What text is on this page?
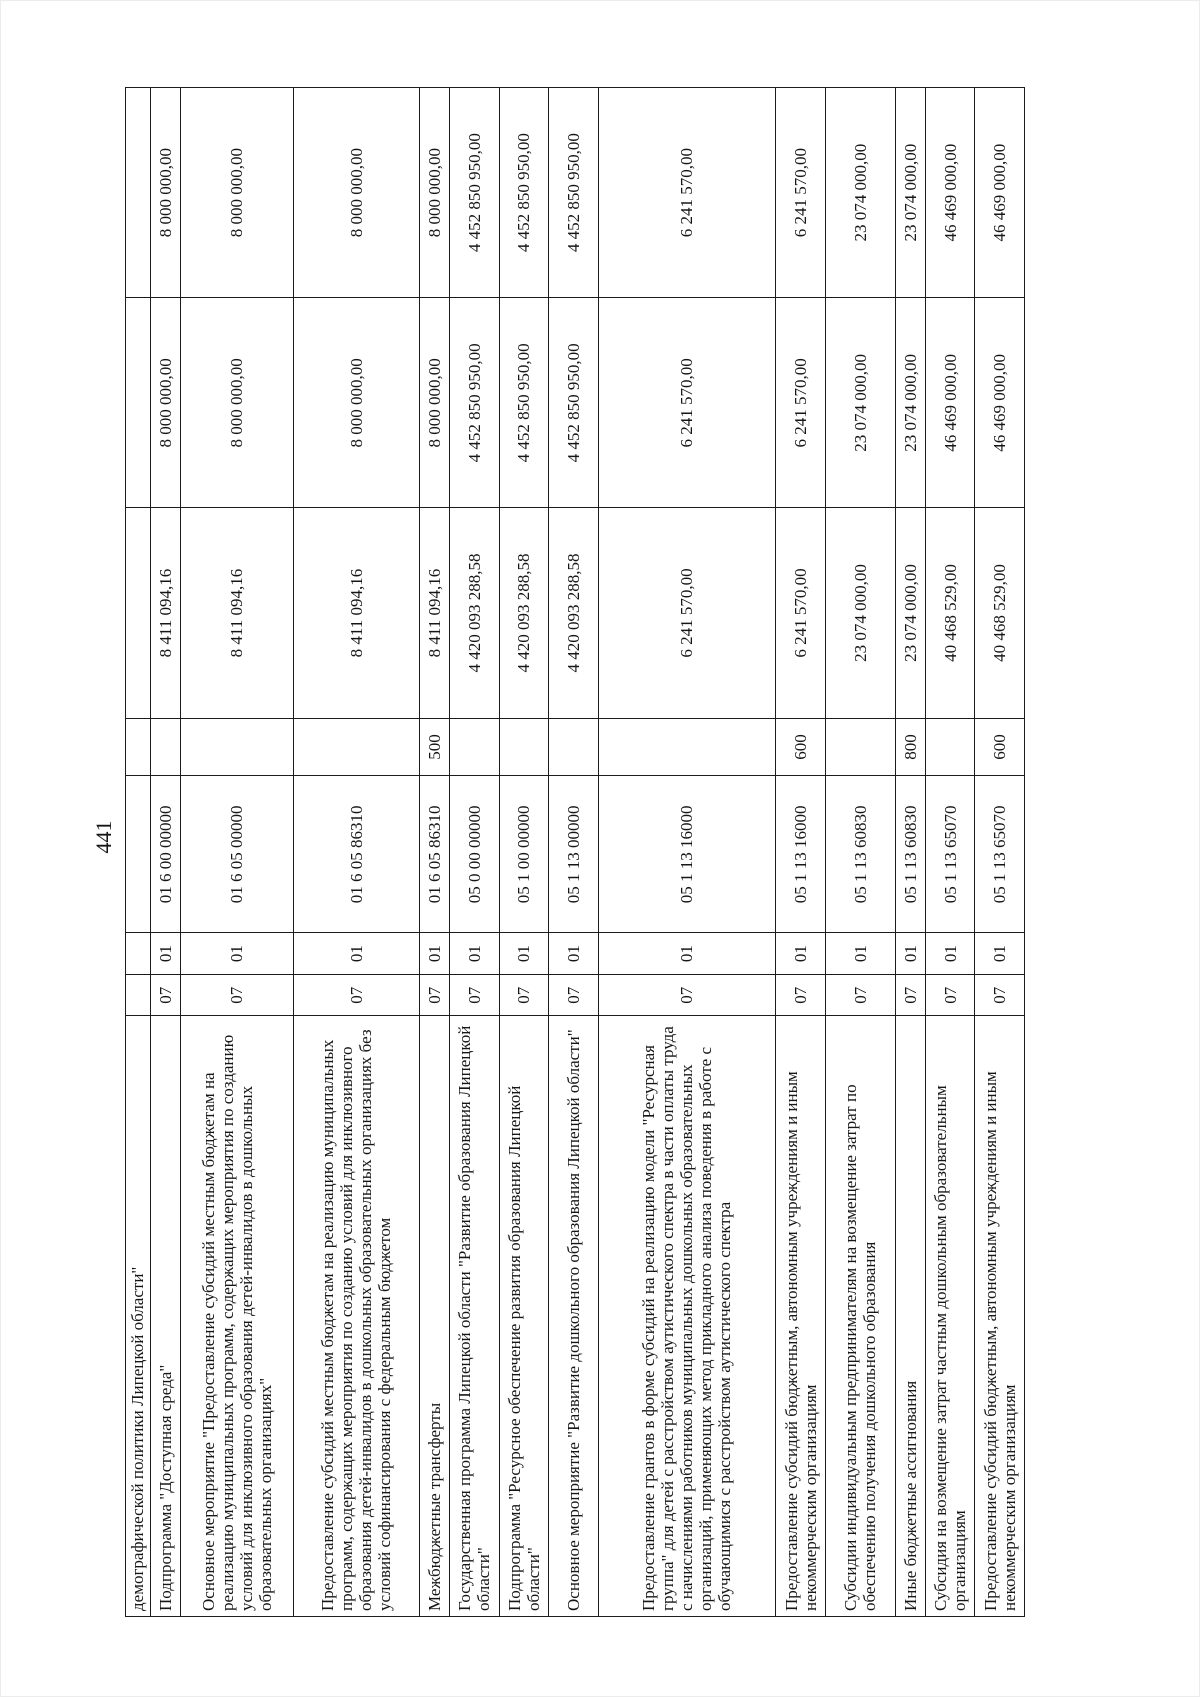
441
демографической политики Липецкой области"							
Подпрограмма "Доступная среда"	07	01	01 6 00 00000		8 411 094,16	8 000 000,00	8 000 000,00
Основное мероприятие "Предоставление субсидий местным бюджетам на реализацию муниципальных программ, содержащих мероприятия по созданию условий для инклюзивного образования детей-инвалидов в дошкольных образовательных организациях"	07	01	01 6 05 00000		8 411 094,16	8 000 000,00	8 000 000,00
Предоставление субсидий местным бюджетам на реализацию муниципальных программ, содержащих мероприятия по созданию условий для инклюзивного образования детей-инвалидов в дошкольных образовательных организациях без условий софинансирования с федеральным бюджетом	07	01	01 6 05 86310		8 411 094,16	8 000 000,00	8 000 000,00
Межбюджетные трансферты	07	01	01 6 05 86310	500	8 411 094,16	8 000 000,00	8 000 000,00
Государственная программа Липецкой области "Развитие образования Липецкой области"	07	01	05 0 00 00000		4 420 093 288,58	4 452 850 950,00	4 452 850 950,00
Подпрограмма "Ресурсное обеспечение развития образования Липецкой области"	07	01	05 1 00 00000		4 420 093 288,58	4 452 850 950,00	4 452 850 950,00
Основное мероприятие "Развитие дошкольного образования Липецкой области"	07	01	05 1 13 00000		4 420 093 288,58	4 452 850 950,00	4 452 850 950,00
Предоставление грантов в форме субсидий на реализацию модели "Ресурсная группа" для детей с расстройством аутистического спектра в части оплаты труда с начислениями работников муниципальных дошкольных образовательных организаций, применяющих метод прикладного анализа поведения в работе с обучающимися с расстройством аутистического спектра	07	01	05 1 13 16000		6 241 570,00	6 241 570,00	6 241 570,00
Предоставление субсидий бюджетным, автономным учреждениям и иным некоммерческим организациям	07	01	05 1 13 16000	600	6 241 570,00	6 241 570,00	6 241 570,00
Субсидии индивидуальным предпринимателям на возмещение затрат по обеспечению получения дошкольного образования	07	01	05 1 13 60830		23 074 000,00	23 074 000,00	23 074 000,00
Иные бюджетные ассигнования	07	01	05 1 13 60830	800	23 074 000,00	23 074 000,00	23 074 000,00
Субсидия на возмещение затрат частным дошкольным образовательным организациям	07	01	05 1 13 65070		40 468 529,00	46 469 000,00	46 469 000,00
Предоставление субсидий бюджетным, автономным учреждениям и иным некоммерческим организациям	07	01	05 1 13 65070	600	40 468 529,00	46 469 000,00	46 469 000,00
